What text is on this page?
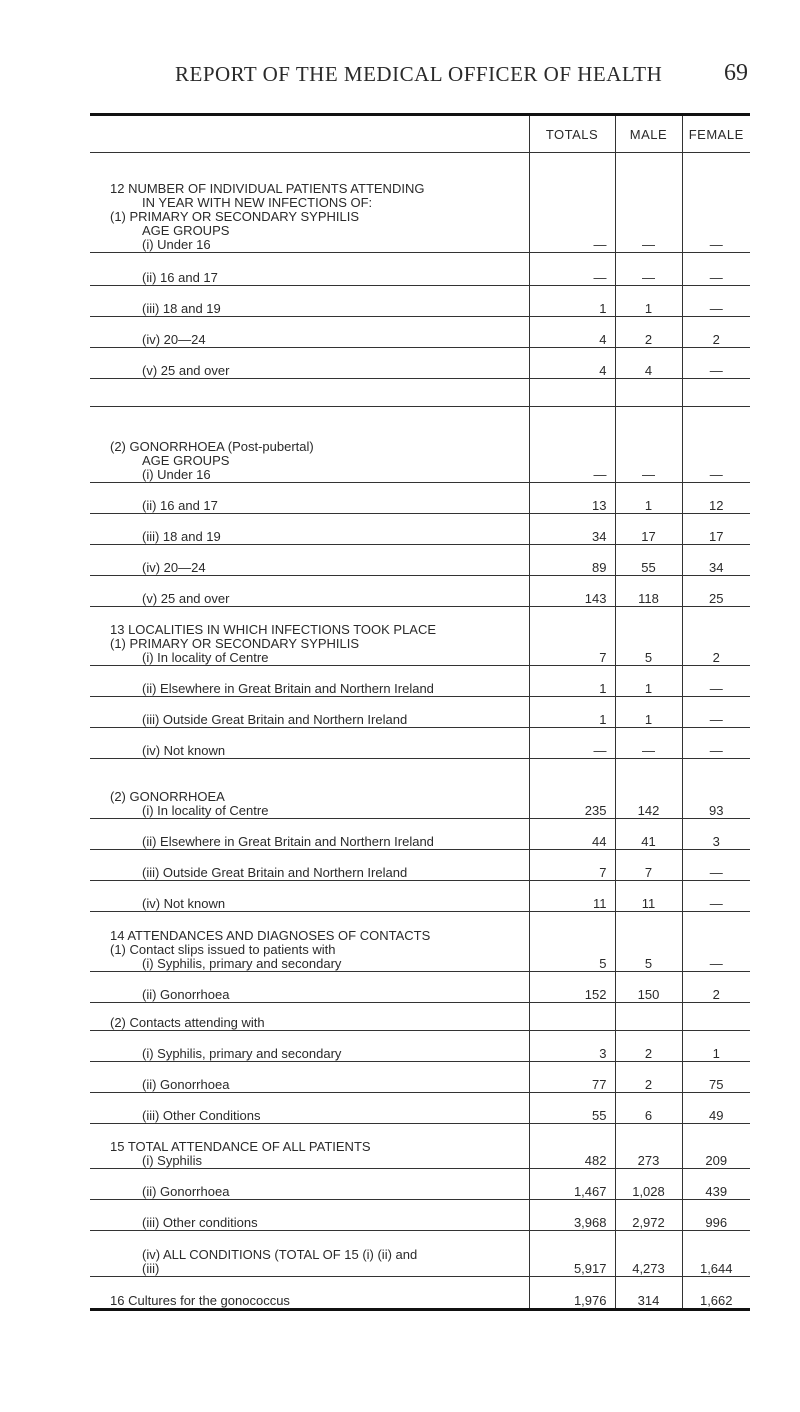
REPORT OF THE MEDICAL OFFICER OF HEALTH	69
	TOTALS	MALE	FEMALE

12 NUMBER OF INDIVIDUAL PATIENTS ATTENDING
IN YEAR WITH NEW INFECTIONS OF:
(1) PRIMARY OR SECONDARY SYPHILIS
AGE GROUPS
(i) Under 16	—	—	—

(ii) 16 and 17	—	—	—

(iii) 18 and 19	1	1	—

(iv) 20—24	4	2	2

(v) 25 and over	4	4	—

(2) GONORRHOEA (Post-pubertal)
AGE GROUPS
(i) Under 16	—	—	—

(ii) 16 and 17	13	1	12

(iii) 18 and 19	34	17	17

(iv) 20—24	89	55	34

(v) 25 and over	143	118	25

13 LOCALITIES IN WHICH INFECTIONS TOOK PLACE
(1) PRIMARY OR SECONDARY SYPHILIS
(i) In locality of Centre	7	5	2

(ii) Elsewhere in Great Britain and Northern Ireland	1	1	—

(iii) Outside Great Britain and Northern Ireland	1	1	—

(iv) Not known	—	—	—

(2) GONORRHOEA
(i) In locality of Centre	235	142	93

(ii) Elsewhere in Great Britain and Northern Ireland	44	41	3

(iii) Outside Great Britain and Northern Ireland	7	7	—

(iv) Not known	11	11	—

14 ATTENDANCES AND DIAGNOSES OF CONTACTS
(1) Contact slips issued to patients with
(i) Syphilis, primary and secondary	5	5	—

(ii) Gonorrhoea	152	150	2

(2) Contacts attending with			

(i) Syphilis, primary and secondary	3	2	1

(ii) Gonorrhoea	77	2	75

(iii) Other Conditions	55	6	49

15 TOTAL ATTENDANCE OF ALL PATIENTS
(i) Syphilis	482	273	209

(ii) Gonorrhoea	1,467	1,028	439

(iii) Other conditions	3,968	2,972	996

(iv) ALL CONDITIONS (TOTAL OF 15 (i) (ii) and
(iii)	5,917	4,273	1,644

16 Cultures for the gonococcus	1,976	314	1,662
